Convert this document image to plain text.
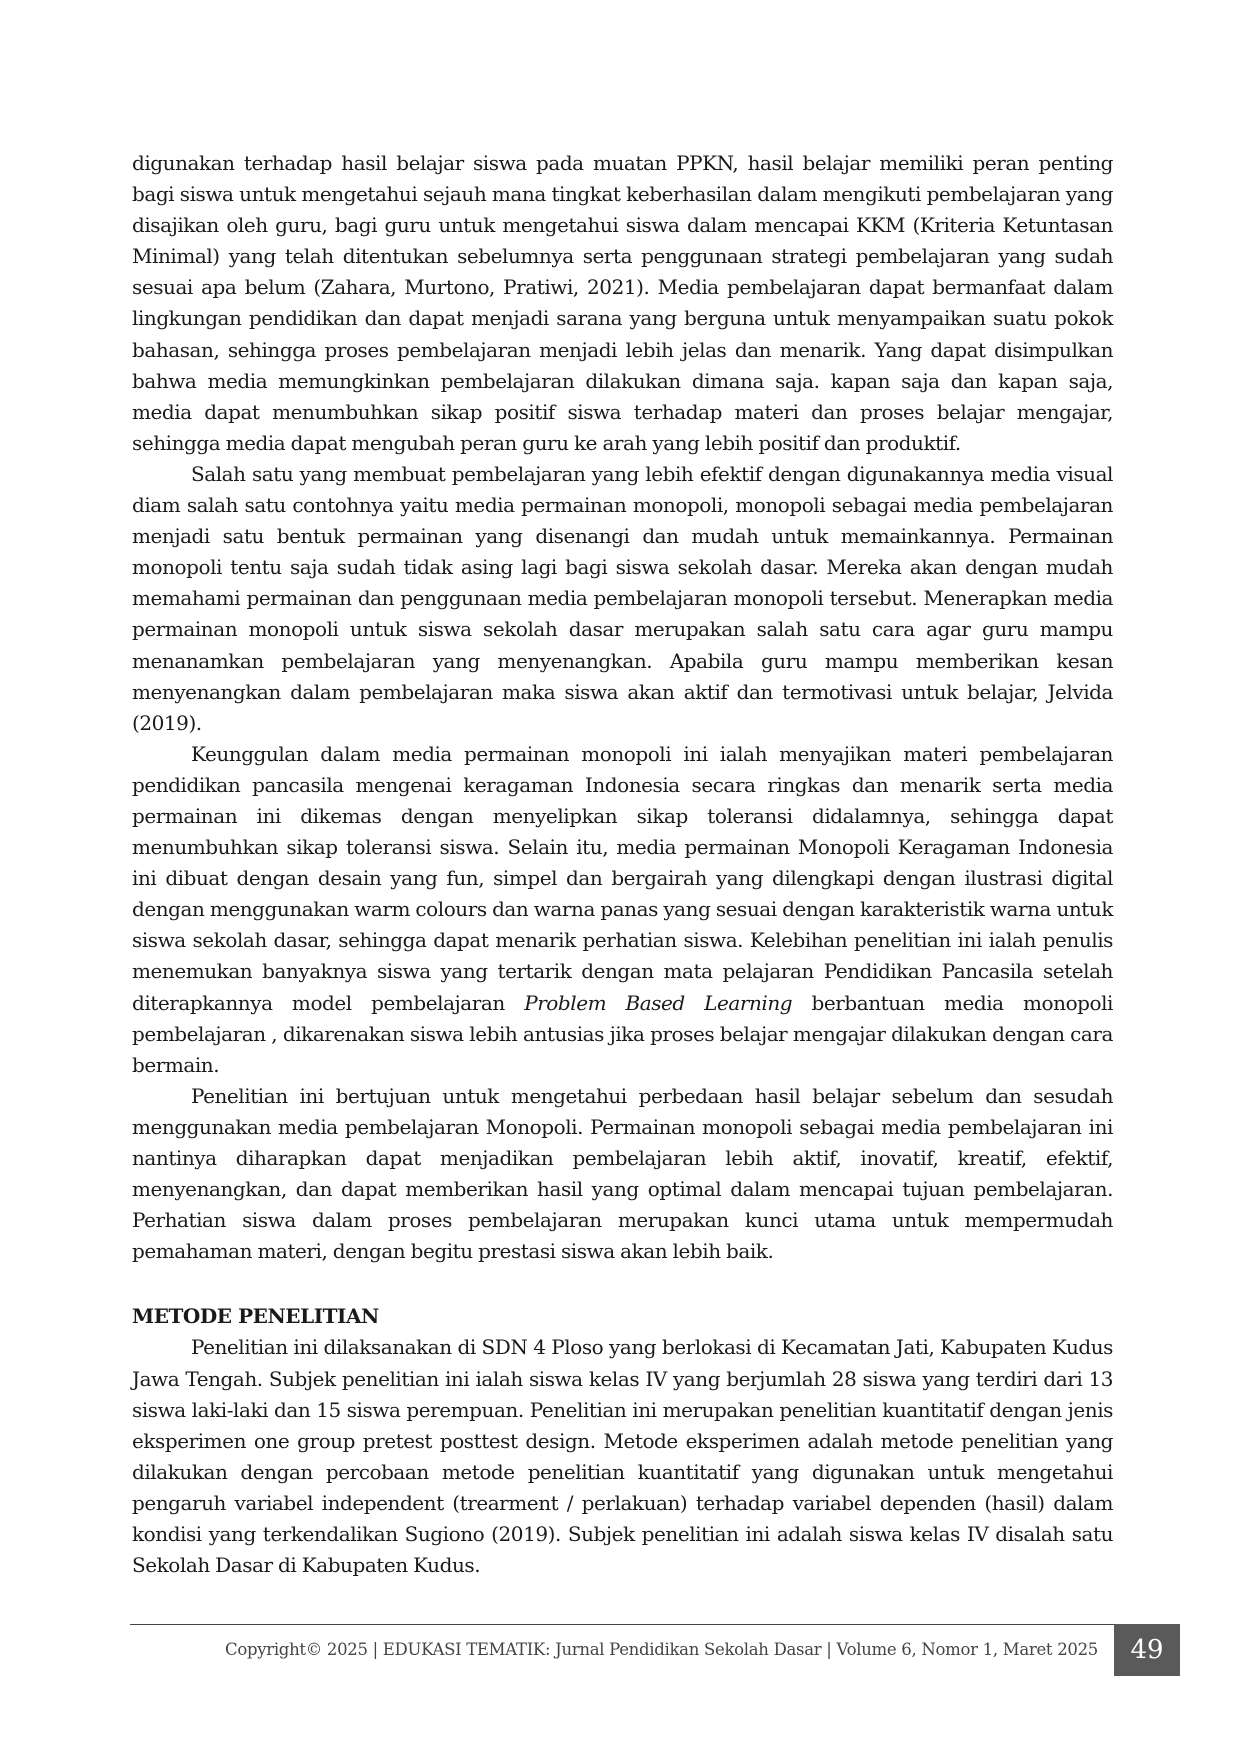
digunakan terhadap hasil belajar siswa pada muatan PPKN, hasil belajar memiliki peran penting bagi siswa untuk mengetahui sejauh mana tingkat keberhasilan dalam mengikuti pembelajaran yang disajikan oleh guru, bagi guru untuk mengetahui siswa dalam mencapai KKM (Kriteria Ketuntasan Minimal) yang telah ditentukan sebelumnya serta penggunaan strategi pembelajaran yang sudah sesuai apa belum (Zahara, Murtono, Pratiwi, 2021). Media pembelajaran dapat bermanfaat dalam lingkungan pendidikan dan dapat menjadi sarana yang berguna untuk menyampaikan suatu pokok bahasan, sehingga proses pembelajaran menjadi lebih jelas dan menarik. Yang dapat disimpulkan bahwa media memungkinkan pembelajaran dilakukan dimana saja. kapan saja dan kapan saja, media dapat menumbuhkan sikap positif siswa terhadap materi dan proses belajar mengajar, sehingga media dapat mengubah peran guru ke arah yang lebih positif dan produktif.

Salah satu yang membuat pembelajaran yang lebih efektif dengan digunakannya media visual diam salah satu contohnya yaitu media permainan monopoli, monopoli sebagai media pembelajaran menjadi satu bentuk permainan yang disenangi dan mudah untuk memainkannya. Permainan monopoli tentu saja sudah tidak asing lagi bagi siswa sekolah dasar. Mereka akan dengan mudah memahami permainan dan penggunaan media pembelajaran monopoli tersebut. Menerapkan media permainan monopoli untuk siswa sekolah dasar merupakan salah satu cara agar guru mampu menanamkan pembelajaran yang menyenangkan. Apabila guru mampu memberikan kesan menyenangkan dalam pembelajaran maka siswa akan aktif dan termotivasi untuk belajar, Jelvida (2019).

Keunggulan dalam media permainan monopoli ini ialah menyajikan materi pembelajaran pendidikan pancasila mengenai keragaman Indonesia secara ringkas dan menarik serta media permainan ini dikemas dengan menyelipkan sikap toleransi didalamnya, sehingga dapat menumbuhkan sikap toleransi siswa. Selain itu, media permainan Monopoli Keragaman Indonesia ini dibuat dengan desain yang fun, simpel dan bergairah yang dilengkapi dengan ilustrasi digital dengan menggunakan warm colours dan warna panas yang sesuai dengan karakteristik warna untuk siswa sekolah dasar, sehingga dapat menarik perhatian siswa. Kelebihan penelitian ini ialah penulis menemukan banyaknya siswa yang tertarik dengan mata pelajaran Pendidikan Pancasila setelah diterapkannya model pembelajaran Problem Based Learning berbantuan media monopoli pembelajaran , dikarenakan siswa lebih antusias jika proses belajar mengajar dilakukan dengan cara bermain.

Penelitian ini bertujuan untuk mengetahui perbedaan hasil belajar sebelum dan sesudah menggunakan media pembelajaran Monopoli. Permainan monopoli sebagai media pembelajaran ini nantinya diharapkan dapat menjadikan pembelajaran lebih aktif, inovatif, kreatif, efektif, menyenangkan, dan dapat memberikan hasil yang optimal dalam mencapai tujuan pembelajaran. Perhatian siswa dalam proses pembelajaran merupakan kunci utama untuk mempermudah pemahaman materi, dengan begitu prestasi siswa akan lebih baik.

METODE PENELITIAN

Penelitian ini dilaksanakan di SDN 4 Ploso yang berlokasi di Kecamatan Jati, Kabupaten Kudus Jawa Tengah. Subjek penelitian ini ialah siswa kelas IV yang berjumlah 28 siswa yang terdiri dari 13 siswa laki-laki dan 15 siswa perempuan. Penelitian ini merupakan penelitian kuantitatif dengan jenis eksperimen one group pretest posttest design. Metode eksperimen adalah metode penelitian yang dilakukan dengan percobaan metode penelitian kuantitatif yang digunakan untuk mengetahui pengaruh variabel independent (trearment / perlakuan) terhadap variabel dependen (hasil) dalam kondisi yang terkendalikan Sugiono (2019). Subjek penelitian ini adalah siswa kelas IV disalah satu Sekolah Dasar di Kabupaten Kudus.

Copyright© 2025 | EDUKASI TEMATIK: Jurnal Pendidikan Sekolah Dasar | Volume 6, Nomor 1, Maret 2025	49
